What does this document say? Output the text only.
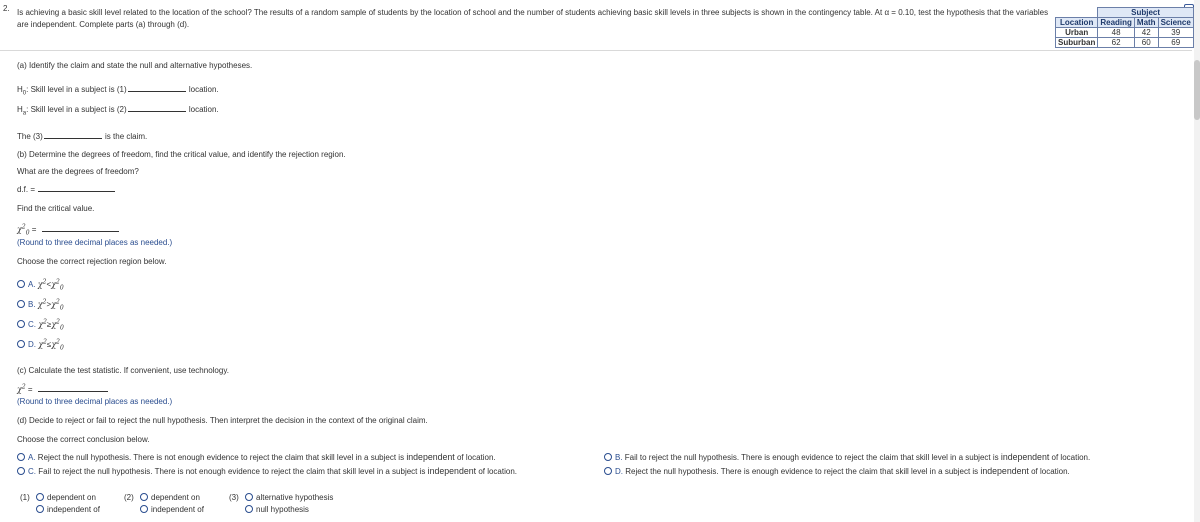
2. Is achieving a basic skill level related to the location of the school? The results of a random sample of students by the location of school and the number of students achieving basic skill levels in three subjects is shown in the contingency table. At α = 0.10, test the hypothesis that the variables are independent. Complete parts (a) through (d).
	Subject		
Location	Reading	Math	Science
Urban	48	42	39
Suburban	62	60	69
(a) Identify the claim and state the null and alternative hypotheses.
$H_0$: Skill level in a subject is (1)	location.
$H_a$: Skill level in a subject is (2)	location.
The (3)	is the claim.
(b) Determine the degrees of freedom, find the critical value, and identify the rejection region.
What are the degrees of freedom?
d.f. =
Find the critical value.
$\chi^2_0$ =
(Round to three decimal places as needed.)
Choose the correct rejection region below.
A. $\chi^2<\chi^2_0$
B. $\chi^2>\chi^2_0$
C. $\chi^2\ge\chi^2_0$
D. $\chi^2\le\chi^2_0$
(c) Calculate the test statistic. If convenient, use technology.
$\chi^2$ =
(Round to three decimal places as needed.)
(d) Decide to reject or fail to reject the null hypothesis. Then interpret the decision in the context of the original claim.
Choose the correct conclusion below.
A. Reject the null hypothesis. There is not enough evidence to reject the claim that skill level in a subject is independent of location.
C. Fail to reject the null hypothesis. There is not enough evidence to reject the claim that skill level in a subject is independent of location.
B. Fail to reject the null hypothesis. There is enough evidence to reject the claim that skill level in a subject is independent of location.
D. Reject the null hypothesis. There is enough evidence to reject the claim that skill level in a subject is independent of location.
(1)	dependent on
independent of
(2)	dependent on
independent of
(3)	alternative hypothesis
null hypothesis
